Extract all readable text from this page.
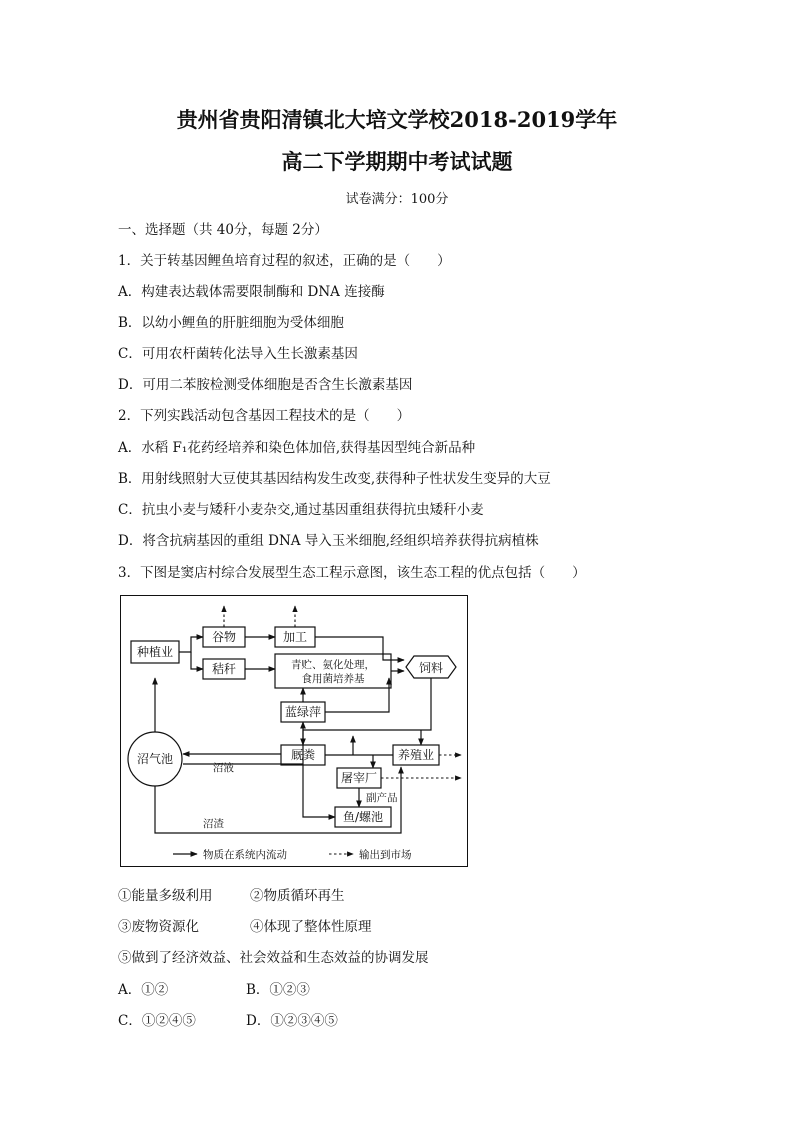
贵州省贵阳清镇北大培文学校2018-2019学年
高二下学期期中考试试题
试卷满分：100分
一、选择题（共 40分，每题 2分）
1．关于转基因鲤鱼培育过程的叙述，正确的是（　　）
A．构建表达载体需要限制酶和 DNA 连接酶
B．以幼小鲤鱼的肝脏细胞为受体细胞
C．可用农杆菌转化法导入生长激素基因
D．可用二苯胺检测受体细胞是否含生长激素基因
2．下列实践活动包含基因工程技术的是（　　）
A．水稻 F₁花药经培养和染色体加倍,获得基因型纯合新品种
B．用射线照射大豆使其基因结构发生改变,获得种子性状发生变异的大豆
C．抗虫小麦与矮秆小麦杂交,通过基因重组获得抗虫矮秆小麦
D．将含抗病基因的重组 DNA 导入玉米细胞,经组织培养获得抗病植株
3．下图是窦店村综合发展型生态工程示意图，该生态工程的优点包括（　　）
种植业
谷物
秸秆
加工
青贮、氨化处理，
食用菌培养基
饲料
蓝绿萍
沼气池	厩粪	养殖业
屠宰厂
鱼/螺池
副产品
沼液
沼渣
物质在系统内流动	输出到市场
①能量多级利用	②物质循环再生
③废物资源化	④体现了整体性原理
⑤做到了经济效益、社会效益和生态效益的协调发展
A．①②	B．①②③
C．①②④⑤	D．①②③④⑤
